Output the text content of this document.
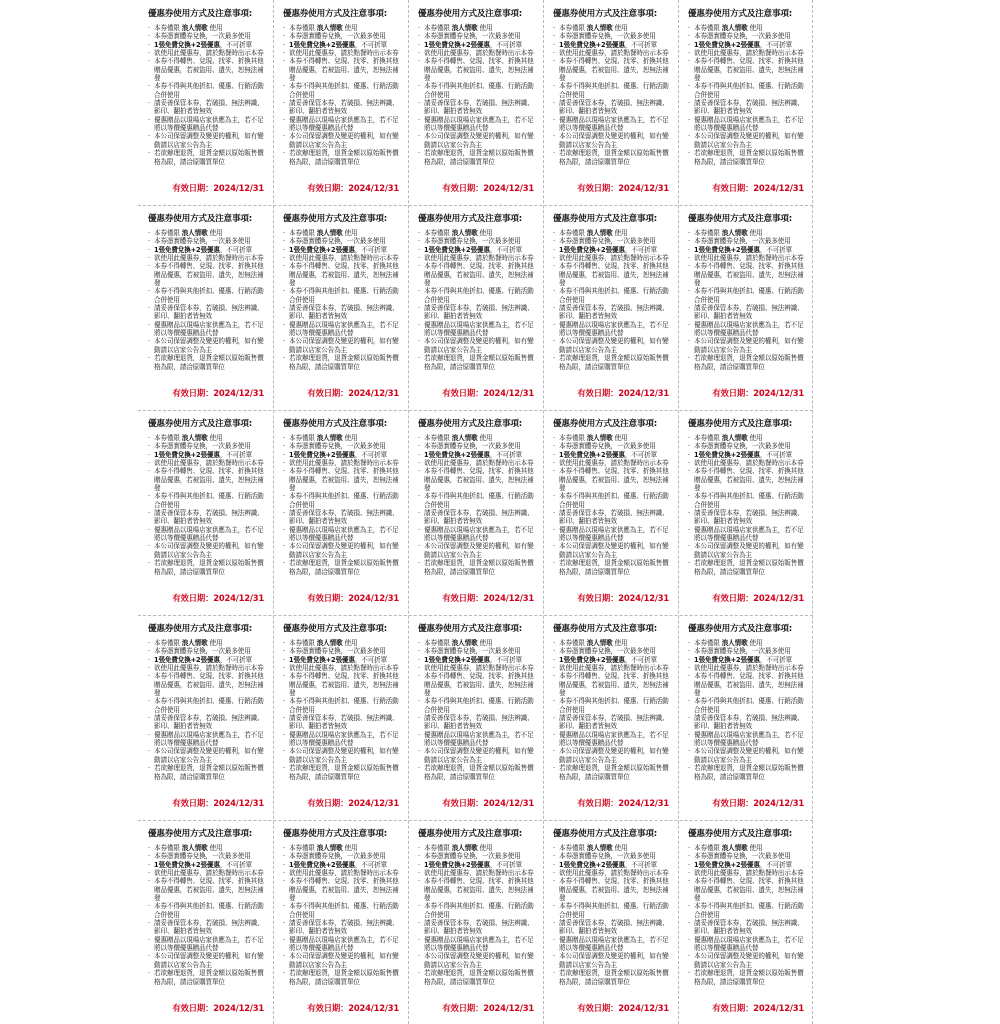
優惠券使用方式及注意事項:
· 本券僅限 浪人情歌 使用
· 本券憑實體券兌換，一次最多使用
· 1張免費兌換+2張優惠，不可折單
· 欲使用此優惠券，請於點餐時出示本券
· 本券不得轉售、兌現、找零、折換其他贈品優惠，若被盜用、遺失，恕無法補發
· 本券不得與其他折扣、優惠、行銷活動合併使用
· 請妥善保管本券，若破損、無法辨識、影印、翻拍者皆無效
· 優惠贈品以現場店家供應為主，若不足將以等價優惠贈品代替
· 本公司保留調整及變更的權利，如有變動請以店家公告為主
· 若欲辦理退貨，退貨金額以原始販售價格為限，請洽原購買單位
有效日期：2024/12/31
優惠券使用方式及注意事項:
· 本券僅限 浪人情歌 使用
· 本券憑實體券兌換，一次最多使用
· 1張免費兌換+2張優惠，不可折單
· 欲使用此優惠券，請於點餐時出示本券
· 本券不得轉售、兌現、找零、折換其他贈品優惠，若被盜用、遺失，恕無法補發
· 本券不得與其他折扣、優惠、行銷活動合併使用
· 請妥善保管本券，若破損、無法辨識、影印、翻拍者皆無效
· 優惠贈品以現場店家供應為主，若不足將以等價優惠贈品代替
· 本公司保留調整及變更的權利，如有變動請以店家公告為主
· 若欲辦理退貨，退貨金額以原始販售價格為限，請洽原購買單位
有效日期：2024/12/31
優惠券使用方式及注意事項:
· 本券僅限 浪人情歌 使用
· 本券憑實體券兌換，一次最多使用
· 1張免費兌換+2張優惠，不可折單
· 欲使用此優惠券，請於點餐時出示本券
· 本券不得轉售、兌現、找零、折換其他贈品優惠，若被盜用、遺失，恕無法補發
· 本券不得與其他折扣、優惠、行銷活動合併使用
· 請妥善保管本券，若破損、無法辨識、影印、翻拍者皆無效
· 優惠贈品以現場店家供應為主，若不足將以等價優惠贈品代替
· 本公司保留調整及變更的權利，如有變動請以店家公告為主
· 若欲辦理退貨，退貨金額以原始販售價格為限，請洽原購買單位
有效日期：2024/12/31
優惠券使用方式及注意事項:
· 本券僅限 浪人情歌 使用
· 本券憑實體券兌換，一次最多使用
· 1張免費兌換+2張優惠，不可折單
· 欲使用此優惠券，請於點餐時出示本券
· 本券不得轉售、兌現、找零、折換其他贈品優惠，若被盜用、遺失，恕無法補發
· 本券不得與其他折扣、優惠、行銷活動合併使用
· 請妥善保管本券，若破損、無法辨識、影印、翻拍者皆無效
· 優惠贈品以現場店家供應為主，若不足將以等價優惠贈品代替
· 本公司保留調整及變更的權利，如有變動請以店家公告為主
· 若欲辦理退貨，退貨金額以原始販售價格為限，請洽原購買單位
有效日期：2024/12/31
優惠券使用方式及注意事項:
· 本券僅限 浪人情歌 使用
· 本券憑實體券兌換，一次最多使用
· 1張免費兌換+2張優惠，不可折單
· 欲使用此優惠券，請於點餐時出示本券
· 本券不得轉售、兌現、找零、折換其他贈品優惠，若被盜用、遺失，恕無法補發
· 本券不得與其他折扣、優惠、行銷活動合併使用
· 請妥善保管本券，若破損、無法辨識、影印、翻拍者皆無效
· 優惠贈品以現場店家供應為主，若不足將以等價優惠贈品代替
· 本公司保留調整及變更的權利，如有變動請以店家公告為主
· 若欲辦理退貨，退貨金額以原始販售價格為限，請洽原購買單位
有效日期：2024/12/31
優惠券使用方式及注意事項:
· 本券僅限 浪人情歌 使用
· 本券憑實體券兌換，一次最多使用
· 1張免費兌換+2張優惠，不可折單
· 欲使用此優惠券，請於點餐時出示本券
· 本券不得轉售、兌現、找零、折換其他贈品優惠，若被盜用、遺失，恕無法補發
· 本券不得與其他折扣、優惠、行銷活動合併使用
· 請妥善保管本券，若破損、無法辨識、影印、翻拍者皆無效
· 優惠贈品以現場店家供應為主，若不足將以等價優惠贈品代替
· 本公司保留調整及變更的權利，如有變動請以店家公告為主
· 若欲辦理退貨，退貨金額以原始販售價格為限，請洽原購買單位
有效日期：2024/12/31
優惠券使用方式及注意事項:
· 本券僅限 浪人情歌 使用
· 本券憑實體券兌換，一次最多使用
· 1張免費兌換+2張優惠，不可折單
· 欲使用此優惠券，請於點餐時出示本券
· 本券不得轉售、兌現、找零、折換其他贈品優惠，若被盜用、遺失，恕無法補發
· 本券不得與其他折扣、優惠、行銷活動合併使用
· 請妥善保管本券，若破損、無法辨識、影印、翻拍者皆無效
· 優惠贈品以現場店家供應為主，若不足將以等價優惠贈品代替
· 本公司保留調整及變更的權利，如有變動請以店家公告為主
· 若欲辦理退貨，退貨金額以原始販售價格為限，請洽原購買單位
有效日期：2024/12/31
優惠券使用方式及注意事項:
· 本券僅限 浪人情歌 使用
· 本券憑實體券兌換，一次最多使用
· 1張免費兌換+2張優惠，不可折單
· 欲使用此優惠券，請於點餐時出示本券
· 本券不得轉售、兌現、找零、折換其他贈品優惠，若被盜用、遺失，恕無法補發
· 本券不得與其他折扣、優惠、行銷活動合併使用
· 請妥善保管本券，若破損、無法辨識、影印、翻拍者皆無效
· 優惠贈品以現場店家供應為主，若不足將以等價優惠贈品代替
· 本公司保留調整及變更的權利，如有變動請以店家公告為主
· 若欲辦理退貨，退貨金額以原始販售價格為限，請洽原購買單位
有效日期：2024/12/31
優惠券使用方式及注意事項:
· 本券僅限 浪人情歌 使用
· 本券憑實體券兌換，一次最多使用
· 1張免費兌換+2張優惠，不可折單
· 欲使用此優惠券，請於點餐時出示本券
· 本券不得轉售、兌現、找零、折換其他贈品優惠，若被盜用、遺失，恕無法補發
· 本券不得與其他折扣、優惠、行銷活動合併使用
· 請妥善保管本券，若破損、無法辨識、影印、翻拍者皆無效
· 優惠贈品以現場店家供應為主，若不足將以等價優惠贈品代替
· 本公司保留調整及變更的權利，如有變動請以店家公告為主
· 若欲辦理退貨，退貨金額以原始販售價格為限，請洽原購買單位
有效日期：2024/12/31
優惠券使用方式及注意事項:
· 本券僅限 浪人情歌 使用
· 本券憑實體券兌換，一次最多使用
· 1張免費兌換+2張優惠，不可折單
· 欲使用此優惠券，請於點餐時出示本券
· 本券不得轉售、兌現、找零、折換其他贈品優惠，若被盜用、遺失，恕無法補發
· 本券不得與其他折扣、優惠、行銷活動合併使用
· 請妥善保管本券，若破損、無法辨識、影印、翻拍者皆無效
· 優惠贈品以現場店家供應為主，若不足將以等價優惠贈品代替
· 本公司保留調整及變更的權利，如有變動請以店家公告為主
· 若欲辦理退貨，退貨金額以原始販售價格為限，請洽原購買單位
有效日期：2024/12/31
優惠券使用方式及注意事項:
· 本券僅限 浪人情歌 使用
· 本券憑實體券兌換，一次最多使用
· 1張免費兌換+2張優惠，不可折單
· 欲使用此優惠券，請於點餐時出示本券
· 本券不得轉售、兌現、找零、折換其他贈品優惠，若被盜用、遺失，恕無法補發
· 本券不得與其他折扣、優惠、行銷活動合併使用
· 請妥善保管本券，若破損、無法辨識、影印、翻拍者皆無效
· 優惠贈品以現場店家供應為主，若不足將以等價優惠贈品代替
· 本公司保留調整及變更的權利，如有變動請以店家公告為主
· 若欲辦理退貨，退貨金額以原始販售價格為限，請洽原購買單位
有效日期：2024/12/31
優惠券使用方式及注意事項:
· 本券僅限 浪人情歌 使用
· 本券憑實體券兌換，一次最多使用
· 1張免費兌換+2張優惠，不可折單
· 欲使用此優惠券，請於點餐時出示本券
· 本券不得轉售、兌現、找零、折換其他贈品優惠，若被盜用、遺失，恕無法補發
· 本券不得與其他折扣、優惠、行銷活動合併使用
· 請妥善保管本券，若破損、無法辨識、影印、翻拍者皆無效
· 優惠贈品以現場店家供應為主，若不足將以等價優惠贈品代替
· 本公司保留調整及變更的權利，如有變動請以店家公告為主
· 若欲辦理退貨，退貨金額以原始販售價格為限，請洽原購買單位
有效日期：2024/12/31
優惠券使用方式及注意事項:
· 本券僅限 浪人情歌 使用
· 本券憑實體券兌換，一次最多使用
· 1張免費兌換+2張優惠，不可折單
· 欲使用此優惠券，請於點餐時出示本券
· 本券不得轉售、兌現、找零、折換其他贈品優惠，若被盜用、遺失，恕無法補發
· 本券不得與其他折扣、優惠、行銷活動合併使用
· 請妥善保管本券，若破損、無法辨識、影印、翻拍者皆無效
· 優惠贈品以現場店家供應為主，若不足將以等價優惠贈品代替
· 本公司保留調整及變更的權利，如有變動請以店家公告為主
· 若欲辦理退貨，退貨金額以原始販售價格為限，請洽原購買單位
有效日期：2024/12/31
優惠券使用方式及注意事項:
· 本券僅限 浪人情歌 使用
· 本券憑實體券兌換，一次最多使用
· 1張免費兌換+2張優惠，不可折單
· 欲使用此優惠券，請於點餐時出示本券
· 本券不得轉售、兌現、找零、折換其他贈品優惠，若被盜用、遺失，恕無法補發
· 本券不得與其他折扣、優惠、行銷活動合併使用
· 請妥善保管本券，若破損、無法辨識、影印、翻拍者皆無效
· 優惠贈品以現場店家供應為主，若不足將以等價優惠贈品代替
· 本公司保留調整及變更的權利，如有變動請以店家公告為主
· 若欲辦理退貨，退貨金額以原始販售價格為限，請洽原購買單位
有效日期：2024/12/31
優惠券使用方式及注意事項:
· 本券僅限 浪人情歌 使用
· 本券憑實體券兌換，一次最多使用
· 1張免費兌換+2張優惠，不可折單
· 欲使用此優惠券，請於點餐時出示本券
· 本券不得轉售、兌現、找零、折換其他贈品優惠，若被盜用、遺失，恕無法補發
· 本券不得與其他折扣、優惠、行銷活動合併使用
· 請妥善保管本券，若破損、無法辨識、影印、翻拍者皆無效
· 優惠贈品以現場店家供應為主，若不足將以等價優惠贈品代替
· 本公司保留調整及變更的權利，如有變動請以店家公告為主
· 若欲辦理退貨，退貨金額以原始販售價格為限，請洽原購買單位
有效日期：2024/12/31
優惠券使用方式及注意事項:
· 本券僅限 浪人情歌 使用
· 本券憑實體券兌換，一次最多使用
· 1張免費兌換+2張優惠，不可折單
· 欲使用此優惠券，請於點餐時出示本券
· 本券不得轉售、兌現、找零、折換其他贈品優惠，若被盜用、遺失，恕無法補發
· 本券不得與其他折扣、優惠、行銷活動合併使用
· 請妥善保管本券，若破損、無法辨識、影印、翻拍者皆無效
· 優惠贈品以現場店家供應為主，若不足將以等價優惠贈品代替
· 本公司保留調整及變更的權利，如有變動請以店家公告為主
· 若欲辦理退貨，退貨金額以原始販售價格為限，請洽原購買單位
有效日期：2024/12/31
優惠券使用方式及注意事項:
· 本券僅限 浪人情歌 使用
· 本券憑實體券兌換，一次最多使用
· 1張免費兌換+2張優惠，不可折單
· 欲使用此優惠券，請於點餐時出示本券
· 本券不得轉售、兌現、找零、折換其他贈品優惠，若被盜用、遺失，恕無法補發
· 本券不得與其他折扣、優惠、行銷活動合併使用
· 請妥善保管本券，若破損、無法辨識、影印、翻拍者皆無效
· 優惠贈品以現場店家供應為主，若不足將以等價優惠贈品代替
· 本公司保留調整及變更的權利，如有變動請以店家公告為主
· 若欲辦理退貨，退貨金額以原始販售價格為限，請洽原購買單位
有效日期：2024/12/31
優惠券使用方式及注意事項:
· 本券僅限 浪人情歌 使用
· 本券憑實體券兌換，一次最多使用
· 1張免費兌換+2張優惠，不可折單
· 欲使用此優惠券，請於點餐時出示本券
· 本券不得轉售、兌現、找零、折換其他贈品優惠，若被盜用、遺失，恕無法補發
· 本券不得與其他折扣、優惠、行銷活動合併使用
· 請妥善保管本券，若破損、無法辨識、影印、翻拍者皆無效
· 優惠贈品以現場店家供應為主，若不足將以等價優惠贈品代替
· 本公司保留調整及變更的權利，如有變動請以店家公告為主
· 若欲辦理退貨，退貨金額以原始販售價格為限，請洽原購買單位
有效日期：2024/12/31
優惠券使用方式及注意事項:
· 本券僅限 浪人情歌 使用
· 本券憑實體券兌換，一次最多使用
· 1張免費兌換+2張優惠，不可折單
· 欲使用此優惠券，請於點餐時出示本券
· 本券不得轉售、兌現、找零、折換其他贈品優惠，若被盜用、遺失，恕無法補發
· 本券不得與其他折扣、優惠、行銷活動合併使用
· 請妥善保管本券，若破損、無法辨識、影印、翻拍者皆無效
· 優惠贈品以現場店家供應為主，若不足將以等價優惠贈品代替
· 本公司保留調整及變更的權利，如有變動請以店家公告為主
· 若欲辦理退貨，退貨金額以原始販售價格為限，請洽原購買單位
有效日期：2024/12/31
優惠券使用方式及注意事項:
· 本券僅限 浪人情歌 使用
· 本券憑實體券兌換，一次最多使用
· 1張免費兌換+2張優惠，不可折單
· 欲使用此優惠券，請於點餐時出示本券
· 本券不得轉售、兌現、找零、折換其他贈品優惠，若被盜用、遺失，恕無法補發
· 本券不得與其他折扣、優惠、行銷活動合併使用
· 請妥善保管本券，若破損、無法辨識、影印、翻拍者皆無效
· 優惠贈品以現場店家供應為主，若不足將以等價優惠贈品代替
· 本公司保留調整及變更的權利，如有變動請以店家公告為主
· 若欲辦理退貨，退貨金額以原始販售價格為限，請洽原購買單位
有效日期：2024/12/31
優惠券使用方式及注意事項:
· 本券僅限 浪人情歌 使用
· 本券憑實體券兌換，一次最多使用
· 1張免費兌換+2張優惠，不可折單
· 欲使用此優惠券，請於點餐時出示本券
· 本券不得轉售、兌現、找零、折換其他贈品優惠，若被盜用、遺失，恕無法補發
· 本券不得與其他折扣、優惠、行銷活動合併使用
· 請妥善保管本券，若破損、無法辨識、影印、翻拍者皆無效
· 優惠贈品以現場店家供應為主，若不足將以等價優惠贈品代替
· 本公司保留調整及變更的權利，如有變動請以店家公告為主
· 若欲辦理退貨，退貨金額以原始販售價格為限，請洽原購買單位
有效日期：2024/12/31
優惠券使用方式及注意事項:
· 本券僅限 浪人情歌 使用
· 本券憑實體券兌換，一次最多使用
· 1張免費兌換+2張優惠，不可折單
· 欲使用此優惠券，請於點餐時出示本券
· 本券不得轉售、兌現、找零、折換其他贈品優惠，若被盜用、遺失，恕無法補發
· 本券不得與其他折扣、優惠、行銷活動合併使用
· 請妥善保管本券，若破損、無法辨識、影印、翻拍者皆無效
· 優惠贈品以現場店家供應為主，若不足將以等價優惠贈品代替
· 本公司保留調整及變更的權利，如有變動請以店家公告為主
· 若欲辦理退貨，退貨金額以原始販售價格為限，請洽原購買單位
有效日期：2024/12/31
優惠券使用方式及注意事項:
· 本券僅限 浪人情歌 使用
· 本券憑實體券兌換，一次最多使用
· 1張免費兌換+2張優惠，不可折單
· 欲使用此優惠券，請於點餐時出示本券
· 本券不得轉售、兌現、找零、折換其他贈品優惠，若被盜用、遺失，恕無法補發
· 本券不得與其他折扣、優惠、行銷活動合併使用
· 請妥善保管本券，若破損、無法辨識、影印、翻拍者皆無效
· 優惠贈品以現場店家供應為主，若不足將以等價優惠贈品代替
· 本公司保留調整及變更的權利，如有變動請以店家公告為主
· 若欲辦理退貨，退貨金額以原始販售價格為限，請洽原購買單位
有效日期：2024/12/31
優惠券使用方式及注意事項:
· 本券僅限 浪人情歌 使用
· 本券憑實體券兌換，一次最多使用
· 1張免費兌換+2張優惠，不可折單
· 欲使用此優惠券，請於點餐時出示本券
· 本券不得轉售、兌現、找零、折換其他贈品優惠，若被盜用、遺失，恕無法補發
· 本券不得與其他折扣、優惠、行銷活動合併使用
· 請妥善保管本券，若破損、無法辨識、影印、翻拍者皆無效
· 優惠贈品以現場店家供應為主，若不足將以等價優惠贈品代替
· 本公司保留調整及變更的權利，如有變動請以店家公告為主
· 若欲辦理退貨，退貨金額以原始販售價格為限，請洽原購買單位
有效日期：2024/12/31
優惠券使用方式及注意事項:
· 本券僅限 浪人情歌 使用
· 本券憑實體券兌換，一次最多使用
· 1張免費兌換+2張優惠，不可折單
· 欲使用此優惠券，請於點餐時出示本券
· 本券不得轉售、兌現、找零、折換其他贈品優惠，若被盜用、遺失，恕無法補發
· 本券不得與其他折扣、優惠、行銷活動合併使用
· 請妥善保管本券，若破損、無法辨識、影印、翻拍者皆無效
· 優惠贈品以現場店家供應為主，若不足將以等價優惠贈品代替
· 本公司保留調整及變更的權利，如有變動請以店家公告為主
· 若欲辦理退貨，退貨金額以原始販售價格為限，請洽原購買單位
有效日期：2024/12/31
